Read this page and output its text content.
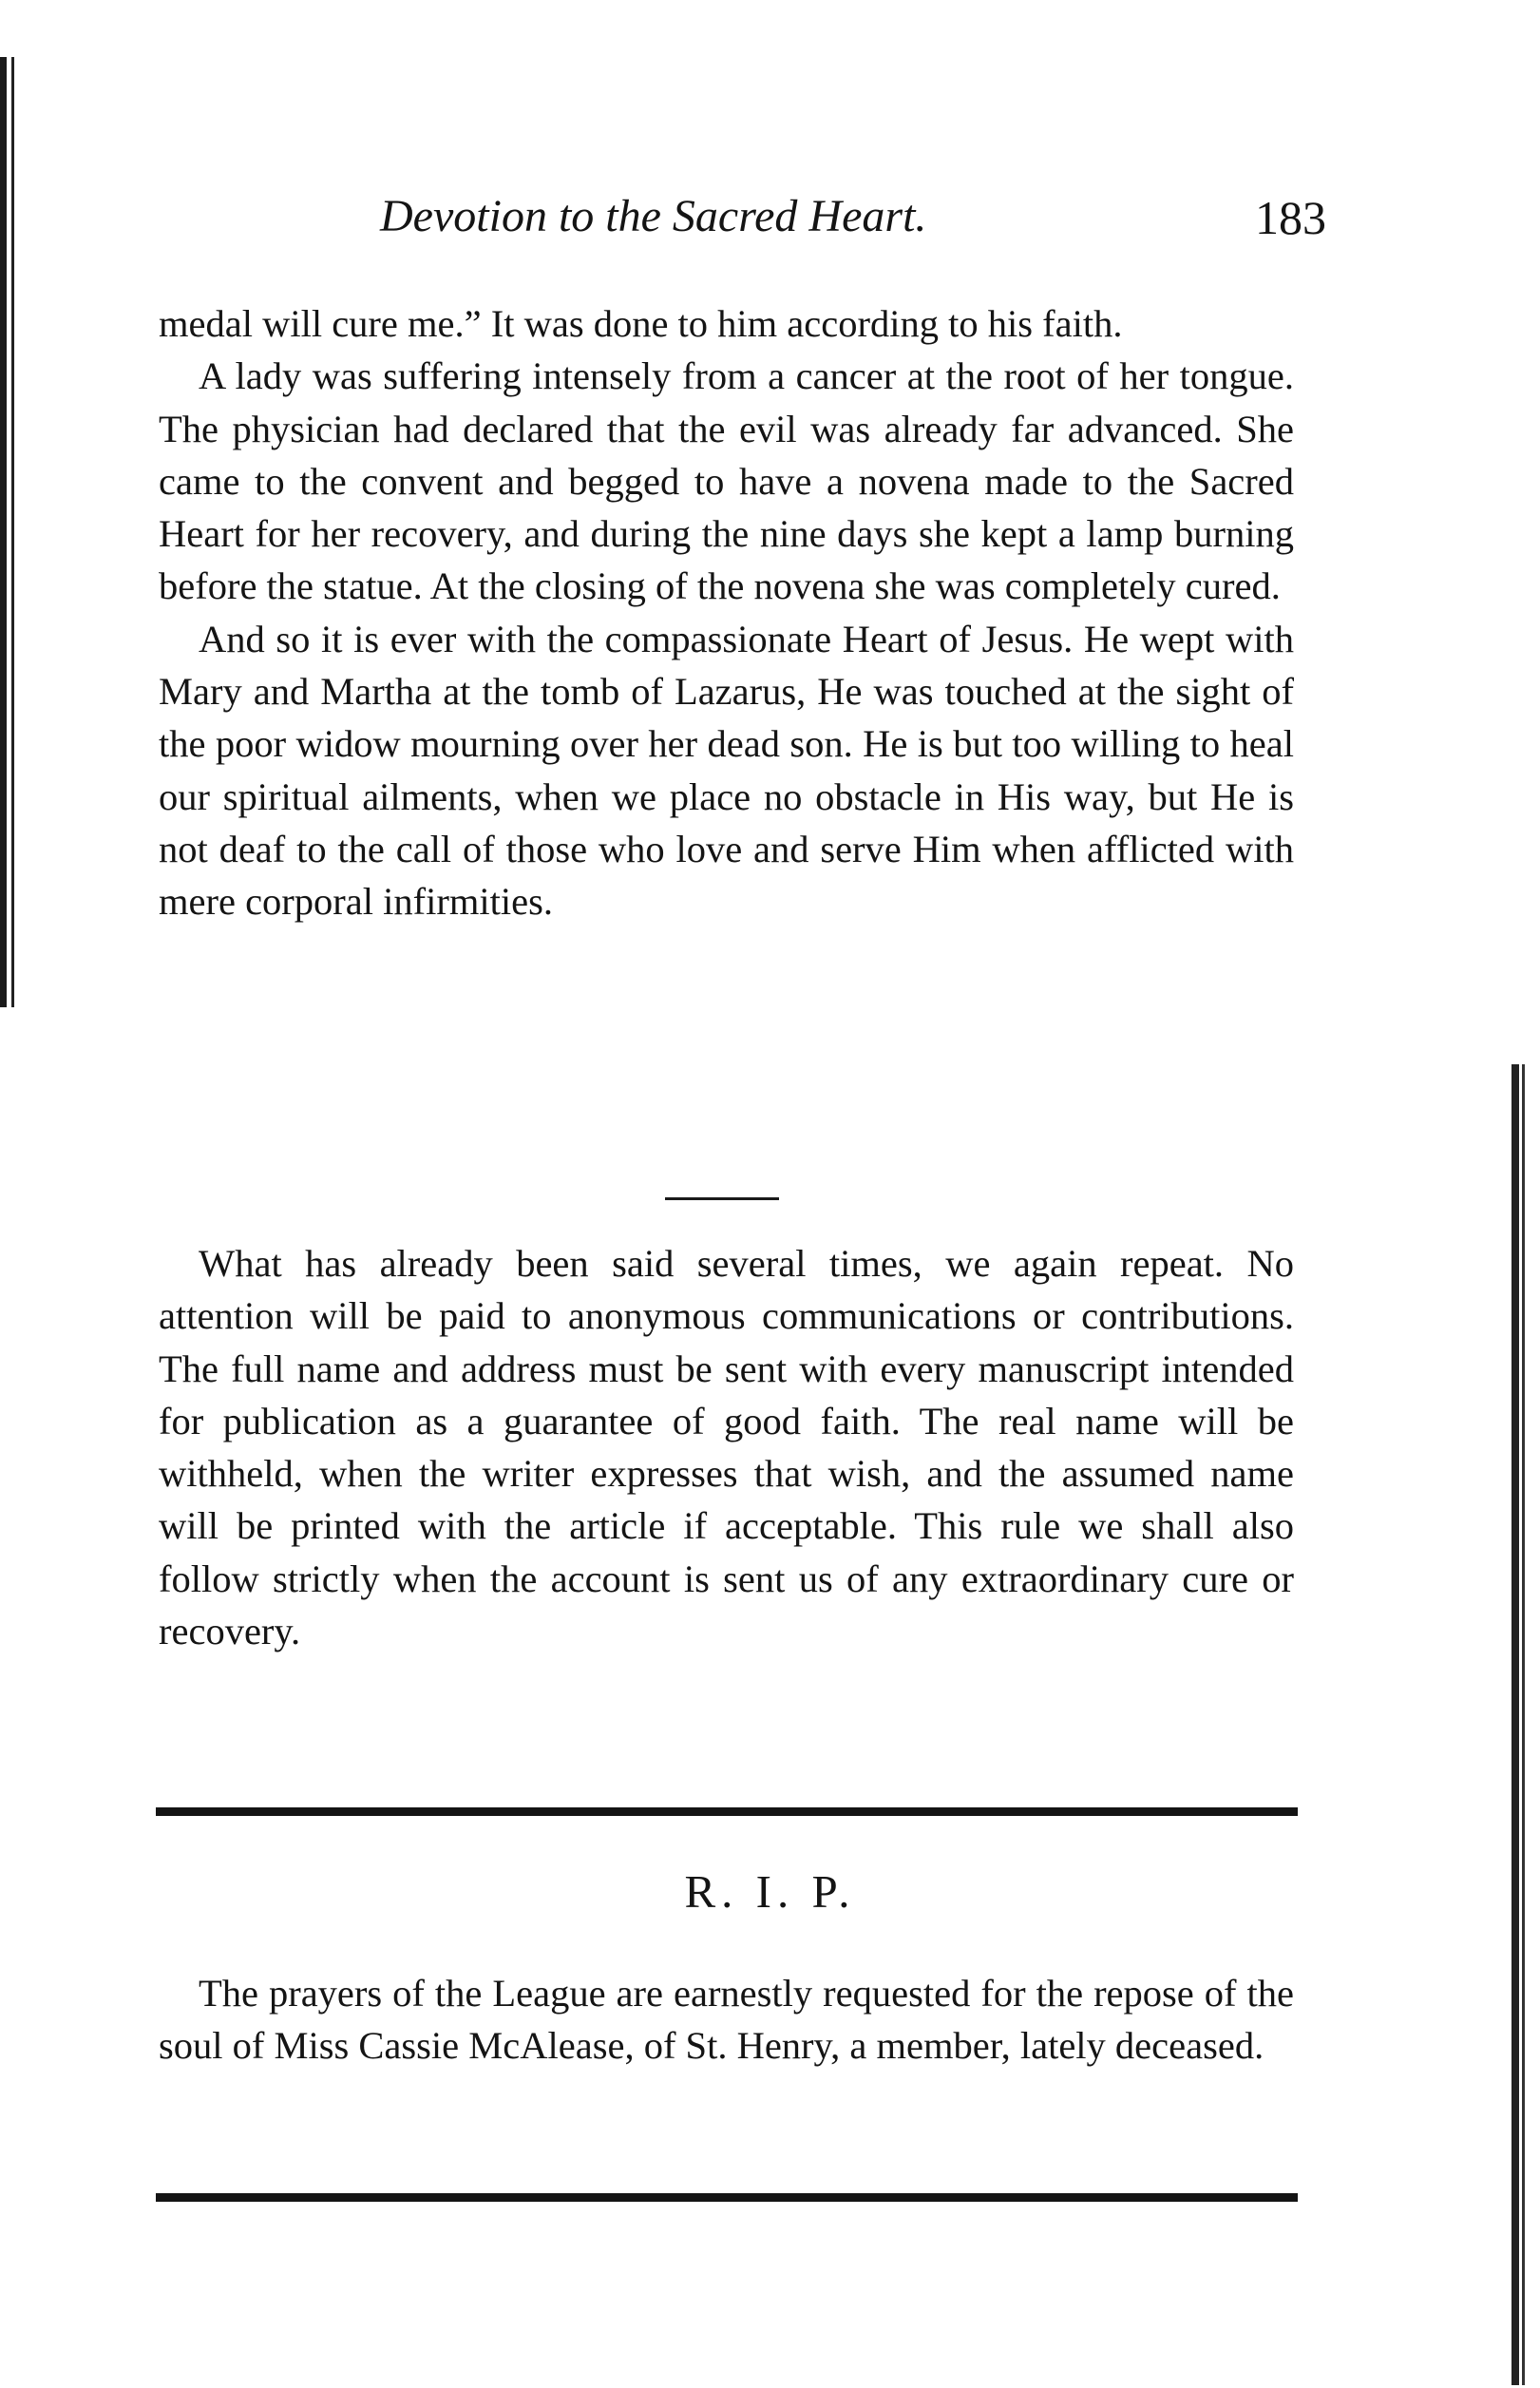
Devotion to the Sacred Heart.	183

medal will cure me.” It was done to him according to his faith.

A lady was suffering intensely from a cancer at the root of her tongue. The physician had declared that the evil was already far advanced. She came to the convent and begged to have a novena made to the Sacred Heart for her recovery, and during the nine days she kept a lamp burning before the statue. At the closing of the novena she was completely cured.

And so it is ever with the compassionate Heart of Jesus. He wept with Mary and Martha at the tomb of Lazarus, He was touched at the sight of the poor widow mourning over her dead son. He is but too willing to heal our spiritual ailments, when we place no obstacle in His way, but He is not deaf to the call of those who love and serve Him when afflicted with mere corporal infirmities.

What has already been said several times, we again repeat. No attention will be paid to anonymous communications or contributions. The full name and address must be sent with every manuscript intended for publication as a guarantee of good faith. The real name will be withheld, when the writer expresses that wish, and the assumed name will be printed with the article if acceptable. This rule we shall also follow strictly when the account is sent us of any extraordinary cure or recovery.

R. I. P.

The prayers of the League are earnestly requested for the repose of the soul of Miss Cassie McAlease, of St. Henry, a member, lately deceased.
